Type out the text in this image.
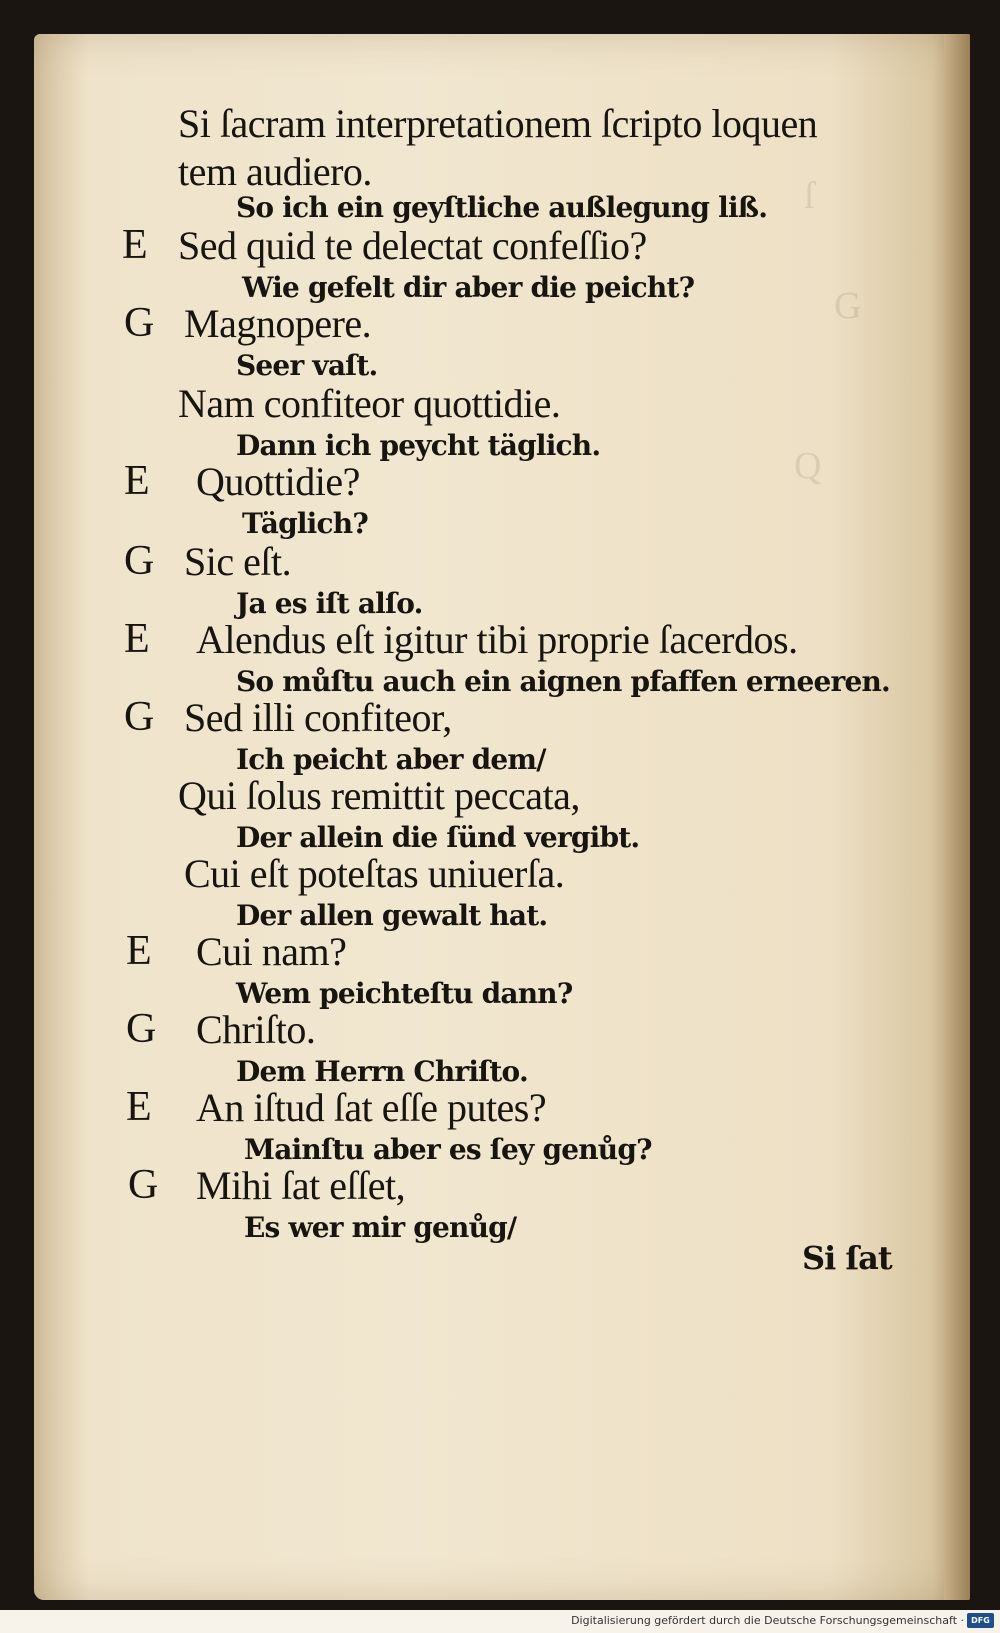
ſ
G
Q
Si ſacram interpretationem ſcripto loquen
tem audiero.
So ich ein geyſtliche außlegung liß.
E Sed quid te delectat confeſſio?
Wie gefelt dir aber die peicht?
G Magnopere.
Seer vaſt.
Nam confiteor quottidie.
Dann ich peycht täglich.
E Quottidie?
Täglich?
G Sic eſt.
Ja es iſt alſo.
E Alendus eſt igitur tibi proprie ſacerdos.
So můſtu auch ein aignen pfaffen erneeren.
G Sed illi confiteor,
Ich peicht aber dem/
Qui ſolus remittit peccata,
Der allein die ſünd vergibt.
Cui eſt poteſtas uniuerſa.
Der allen gewalt hat.
E Cui nam?
Wem peichteſtu dann?
G Chriſto.
Dem Herrn Chriſto.
E An iſtud ſat eſſe putes?
Mainſtu aber es ſey genůg?
G Mihi ſat eſſet,
Es wer mir genůg/
Si ſat
Digitalisierung gefördert durch die Deutsche Forschungsgemeinschaft · DFG
